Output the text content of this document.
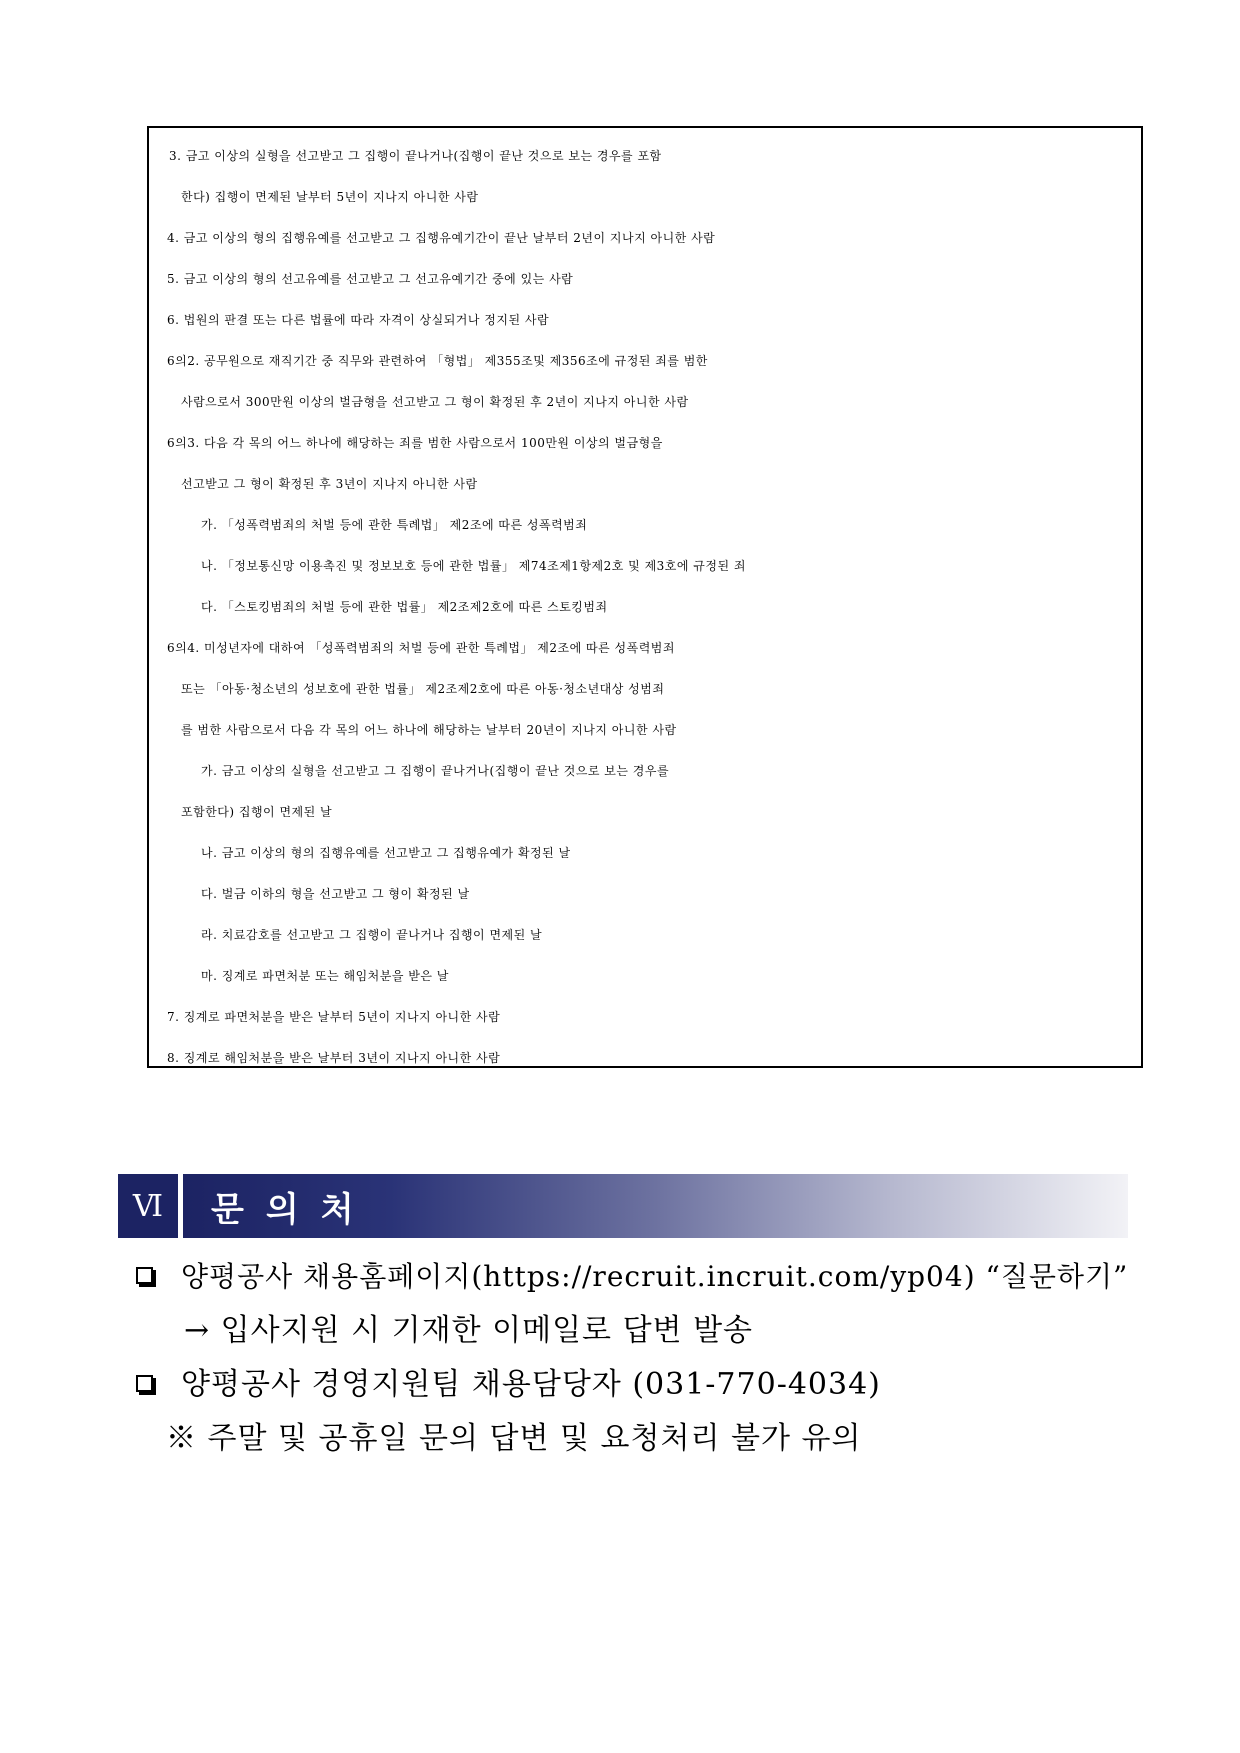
3. 금고 이상의 실형을 선고받고 그 집행이 끝나거나(집행이 끝난 것으로 보는 경우를 포함
한다) 집행이 면제된 날부터 5년이 지나지 아니한 사람
4. 금고 이상의 형의 집행유예를 선고받고 그 집행유예기간이 끝난 날부터 2년이 지나지 아니한 사람
5. 금고 이상의 형의 선고유예를 선고받고 그 선고유예기간 중에 있는 사람
6. 법원의 판결 또는 다른 법률에 따라 자격이 상실되거나 정지된 사람
6의2. 공무원으로 재직기간 중 직무와 관련하여 「형법」 제355조및 제356조에 규정된 죄를 범한
사람으로서 300만원 이상의 벌금형을 선고받고 그 형이 확정된 후 2년이 지나지 아니한 사람
6의3. 다음 각 목의 어느 하나에 해당하는 죄를 범한 사람으로서 100만원 이상의 벌금형을
선고받고 그 형이 확정된 후 3년이 지나지 아니한 사람
가. 「성폭력범죄의 처벌 등에 관한 특례법」 제2조에 따른 성폭력범죄
나. 「정보통신망 이용촉진 및 정보보호 등에 관한 법률」 제74조제1항제2호 및 제3호에 규정된 죄
다. 「스토킹범죄의 처벌 등에 관한 법률」 제2조제2호에 따른 스토킹범죄
6의4. 미성년자에 대하여 「성폭력범죄의 처벌 등에 관한 특례법」 제2조에 따른 성폭력범죄
또는 「아동·청소년의 성보호에 관한 법률」 제2조제2호에 따른 아동·청소년대상 성범죄
를 범한 사람으로서 다음 각 목의 어느 하나에 해당하는 날부터 20년이 지나지 아니한 사람
가. 금고 이상의 실형을 선고받고 그 집행이 끝나거나(집행이 끝난 것으로 보는 경우를
포함한다) 집행이 면제된 날
나. 금고 이상의 형의 집행유예를 선고받고 그 집행유예가 확정된 날
다. 벌금 이하의 형을 선고받고 그 형이 확정된 날
라. 치료감호를 선고받고 그 집행이 끝나거나 집행이 면제된 날
마. 징계로 파면처분 또는 해임처분을 받은 날
7. 징계로 파면처분을 받은 날부터 5년이 지나지 아니한 사람
8. 징계로 해임처분을 받은 날부터 3년이 지나지 아니한 사람
Ⅵ	문의처
양평공사 채용홈페이지(https://recruit.incruit.com/yp04) “질문하기”
→ 입사지원 시 기재한 이메일로 답변 발송
양평공사 경영지원팀 채용담당자 (031-770-4034)
※ 주말 및 공휴일 문의 답변 및 요청처리 불가 유의
